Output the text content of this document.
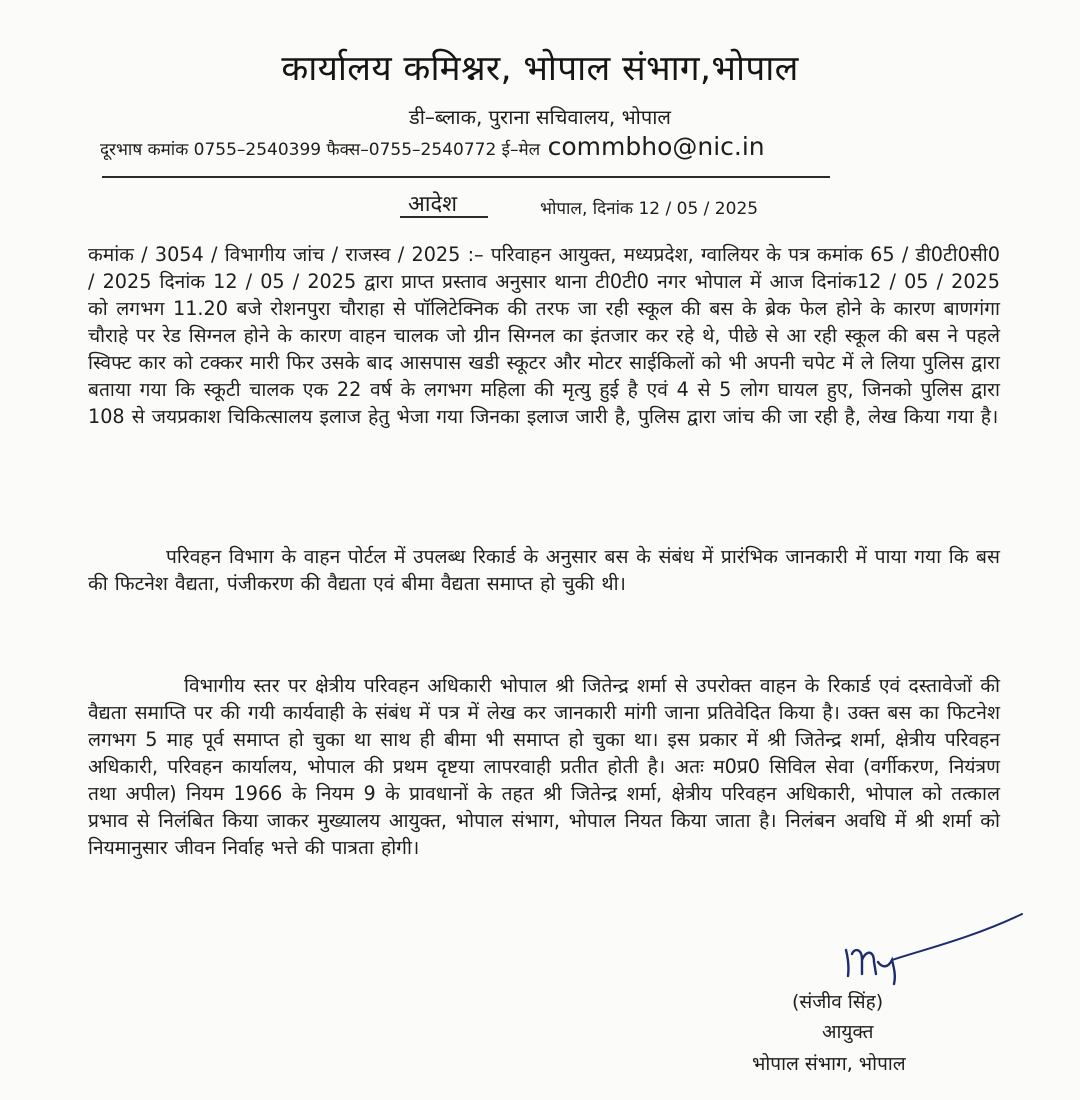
कार्यालय कमिश्नर, भोपाल संभाग,भोपाल
डी–ब्लाक, पुराना सचिवालय, भोपाल
दूरभाष कमांक 0755–2540399 फैक्स–0755–2540772 ई–मेल commbho@nic.in
आदेश	भोपाल, दिनांक 12 / 05 / 2025
कमांक / 3054 / विभागीय जांच / राजस्व / 2025 :– परिवाहन आयुक्त, मध्यप्रदेश, ग्वालियर के पत्र कमांक 65 / डी0टी0सी0 / 2025 दिनांक 12 / 05 / 2025 द्वारा प्राप्त प्रस्ताव अनुसार थाना टी0टी0 नगर भोपाल में आज दिनांक12 / 05 / 2025 को लगभग 11.20 बजे रोशनपुरा चौराहा से पॉलिटेक्निक की तरफ जा रही स्कूल की बस के ब्रेक फेल होने के कारण बाणगंगा चौराहे पर रेड सिग्नल होने के कारण वाहन चालक जो ग्रीन सिग्नल का इंतजार कर रहे थे, पीछे से आ रही स्कूल की बस ने पहले स्विफ्ट कार को टक्कर मारी फिर उसके बाद आसपास खडी स्कूटर और मोटर साईकिलों को भी अपनी चपेट में ले लिया पुलिस द्वारा बताया गया कि स्कूटी चालक एक 22 वर्ष के लगभग महिला की मृत्यु हुई है एवं 4 से 5 लोग घायल हुए, जिनको पुलिस द्वारा 108 से जयप्रकाश चिकित्सालय इलाज हेतु भेजा गया जिनका इलाज जारी है, पुलिस द्वारा जांच की जा रही है, लेख किया गया है।
परिवहन विभाग के वाहन पोर्टल में उपलब्ध रिकार्ड के अनुसार बस के संबंध में प्रारंभिक जानकारी में पाया गया कि बस की फिटनेश वैद्यता, पंजीकरण की वैद्यता एवं बीमा वैद्यता समाप्त हो चुकी थी।
विभागीय स्तर पर क्षेत्रीय परिवहन अधिकारी भोपाल श्री जितेन्द्र शर्मा से उपरोक्त वाहन के रिकार्ड एवं दस्तावेजों की वैद्यता समाप्ति पर की गयी कार्यवाही के संबंध में पत्र में लेख कर जानकारी मांगी जाना प्रतिवेदित किया है। उक्त बस का फिटनेश लगभग 5 माह पूर्व समाप्त हो चुका था साथ ही बीमा भी समाप्त हो चुका था। इस प्रकार में श्री जितेन्द्र शर्मा, क्षेत्रीय परिवहन अधिकारी, परिवहन कार्यालय, भोपाल की प्रथम दृष्टया लापरवाही प्रतीत होती है। अतः म0प्र0 सिविल सेवा (वर्गीकरण, नियंत्रण तथा अपील) नियम 1966 के नियम 9 के प्रावधानों के तहत श्री जितेन्द्र शर्मा, क्षेत्रीय परिवहन अधिकारी, भोपाल को तत्काल प्रभाव से निलंबित किया जाकर मुख्यालय आयुक्त, भोपाल संभाग, भोपाल नियत किया जाता है। निलंबन अवधि में श्री शर्मा को नियमानुसार जीवन निर्वाह भत्ते की पात्रता होगी।
(संजीव सिंह)
आयुक्त
भोपाल संभाग, भोपाल
